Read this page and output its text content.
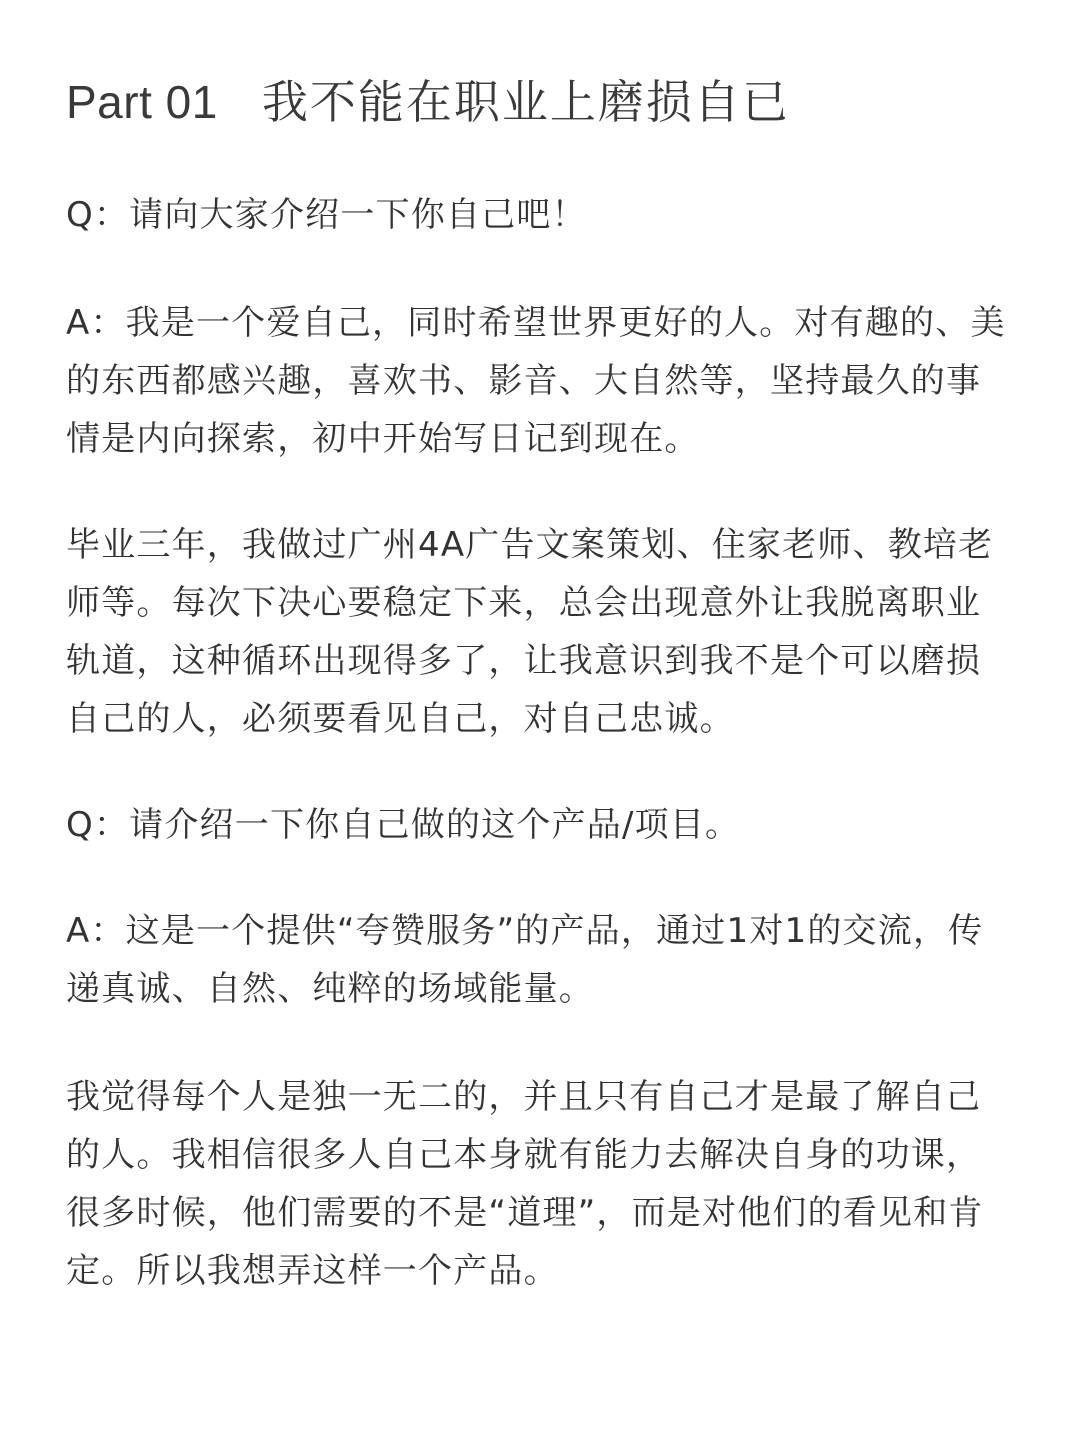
Part 01 我不能在职业上磨损自已

Q：请向大家介绍一下你自己吧！

A：我是一个爱自己，同时希望世界更好的人。对有趣的、美的东西都感兴趣，喜欢书、影音、大自然等，坚持最久的事情是内向探索，初中开始写日记到现在。

毕业三年，我做过广州4A广告文案策划、住家老师、教培老师等。每次下决心要稳定下来，总会出现意外让我脱离职业轨道，这种循环出现得多了，让我意识到我不是个可以磨损自己的人，必须要看见自己，对自己忠诚。

Q：请介绍一下你自己做的这个产品/项目。

A：这是一个提供“夸赞服务”的产品，通过1对1的交流，传递真诚、自然、纯粹的场域能量。

我觉得每个人是独一无二的，并且只有自己才是最了解自己的人。我相信很多人自己本身就有能力去解决自身的功课，很多时候，他们需要的不是“道理”，而是对他们的看见和肯定。所以我想弄这样一个产品。
